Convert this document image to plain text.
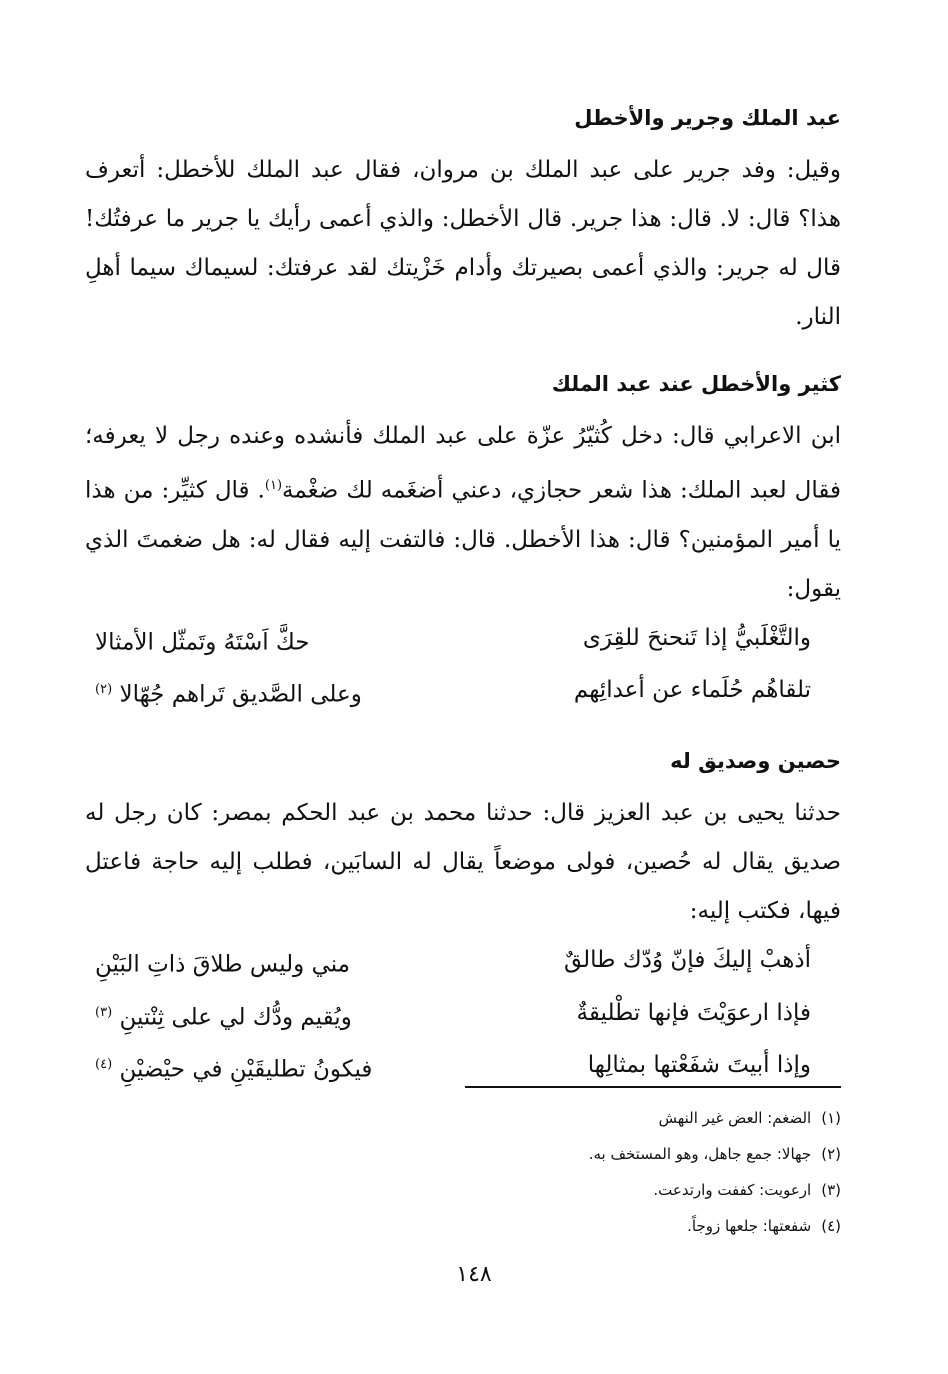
عبد الملك وجرير والأخطل

وقيل: وفد جرير على عبد الملك بن مروان، فقال عبد الملك للأخطل: أتعرف هذا؟ قال: لا. قال: هذا جرير. قال الأخطل: والذي أعمى رأيك يا جرير ما عرفتُك! قال له جرير: والذي أعمى بصيرتك وأدام خَزْيتك لقد عرفتك: لسيماك سيما أهلِ النار.

كثير والأخطل عند عبد الملك

ابن الاعرابي قال: دخل كُثيّرُ عزّة على عبد الملك فأنشده وعنده رجل لا يعرفه؛ فقال لعبد الملك: هذا شعر حجازي، دعني أضغَمه لك ضغْمة$^{(١)}$. قال كثيِّر: من هذا يا أمير المؤمنين؟ قال: هذا الأخطل. قال: فالتفت إليه فقال له: هل ضغمتَ الذي يقول:

والتَّغْلَبيُّ إذا تَنحنحَ للقِرَى
حكَّ اَسْتَهُ وتَمثّل الأمثالا
تلقاهُم حُلَماء عن أعدائِهم
وعلى الصَّديق تَراهم جُهّالا $^{(٢)}$
حصين وصديق له

حدثنا يحيى بن عبد العزيز قال: حدثنا محمد بن عبد الحكم بمصر: كان رجل له صديق يقال له حُصين، فولى موضعاً يقال له السابَين، فطلب إليه حاجة فاعتل فيها، فكتب إليه:

أذهبْ إليكَ فإنّ وُدّك طالقٌ
مني وليس طلاقَ ذاتِ البَيْنِ
فإذا ارعوَيْتَ فإنها تطْليقةٌ
ويُقيم ودُّك لي على ثِنْتينِ $^{(٣)}$
وإذا أبيتَ شفَعْتها بمثالِها
فيكونُ تطليقَيْنِ في حيْضيْنِ $^{(٤)}$
(١)الضغم: العض غير النهش
(٢)جهالا: جمع جاهل، وهو المستخف به.
(٣)ارعويت: كففت وارتدعت.
(٤)شفعتها: جلعها زوجاً.
١٤٨
